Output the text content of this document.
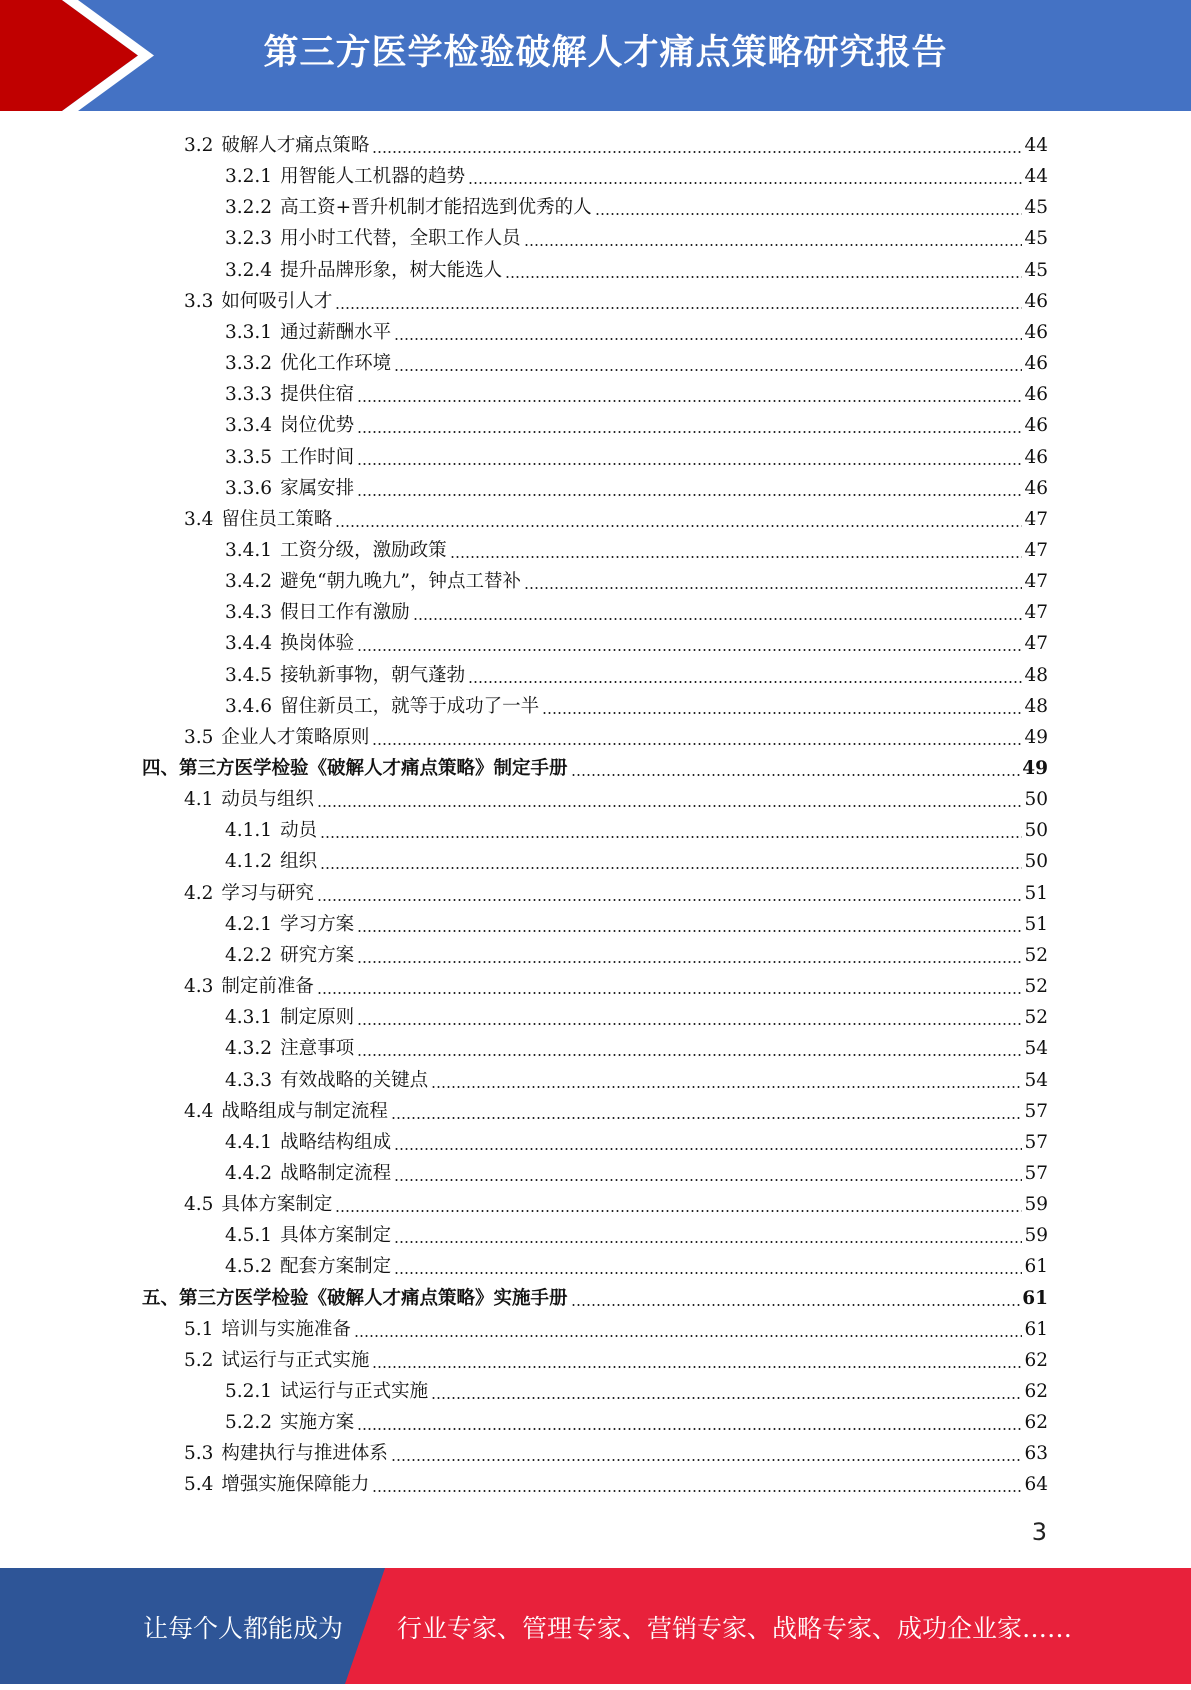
第三方医学检验破解人才痛点策略研究报告
3.2 破解人才痛点策略	44
3.2.1 用智能人工机器的趋势	44
3.2.2 高工资+晋升机制才能招选到优秀的人	45
3.2.3 用小时工代替，全职工作人员	45
3.2.4 提升品牌形象，树大能选人	45
3.3 如何吸引人才	46
3.3.1 通过薪酬水平	46
3.3.2 优化工作环境	46
3.3.3 提供住宿	46
3.3.4 岗位优势	46
3.3.5 工作时间	46
3.3.6 家属安排	46
3.4 留住员工策略	47
3.4.1 工资分级，激励政策	47
3.4.2 避免“朝九晚九”，钟点工替补	47
3.4.3 假日工作有激励	47
3.4.4 换岗体验	47
3.4.5 接轨新事物，朝气蓬勃	48
3.4.6 留住新员工，就等于成功了一半	48
3.5 企业人才策略原则	49
四、第三方医学检验《破解人才痛点策略》制定手册	49
4.1 动员与组织	50
4.1.1 动员	50
4.1.2 组织	50
4.2 学习与研究	51
4.2.1 学习方案	51
4.2.2 研究方案	52
4.3 制定前准备	52
4.3.1 制定原则	52
4.3.2 注意事项	54
4.3.3 有效战略的关键点	54
4.4 战略组成与制定流程	57
4.4.1 战略结构组成	57
4.4.2 战略制定流程	57
4.5 具体方案制定	59
4.5.1 具体方案制定	59
4.5.2 配套方案制定	61
五、第三方医学检验《破解人才痛点策略》实施手册	61
5.1 培训与实施准备	61
5.2 试运行与正式实施	62
5.2.1 试运行与正式实施	62
5.2.2 实施方案	62
5.3 构建执行与推进体系	63
5.4 增强实施保障能力	64
3
让每个人都能成为 行业专家、管理专家、营销专家、战略专家、成功企业家……
